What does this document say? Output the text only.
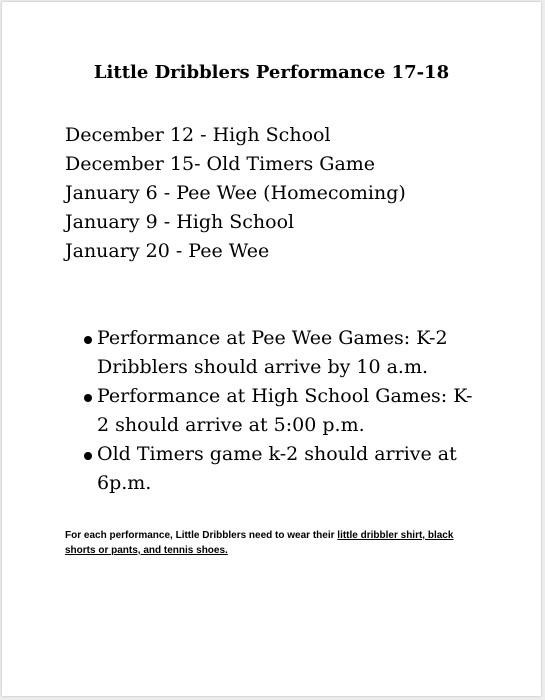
Little Dribblers Performance 17-18
December 12 - High School
December 15- Old Timers Game
January 6 - Pee Wee (Homecoming)
January 9 - High School
January 20 - Pee Wee
Performance at Pee Wee Games: K-2 Dribblers should arrive by 10 a.m.
Performance at High School Games: K-2 should arrive at 5:00 p.m.
Old Timers game k-2 should arrive at 6p.m.

For each performance, Little Dribblers need to wear their little dribbler shirt, black shorts or pants, and tennis shoes.
